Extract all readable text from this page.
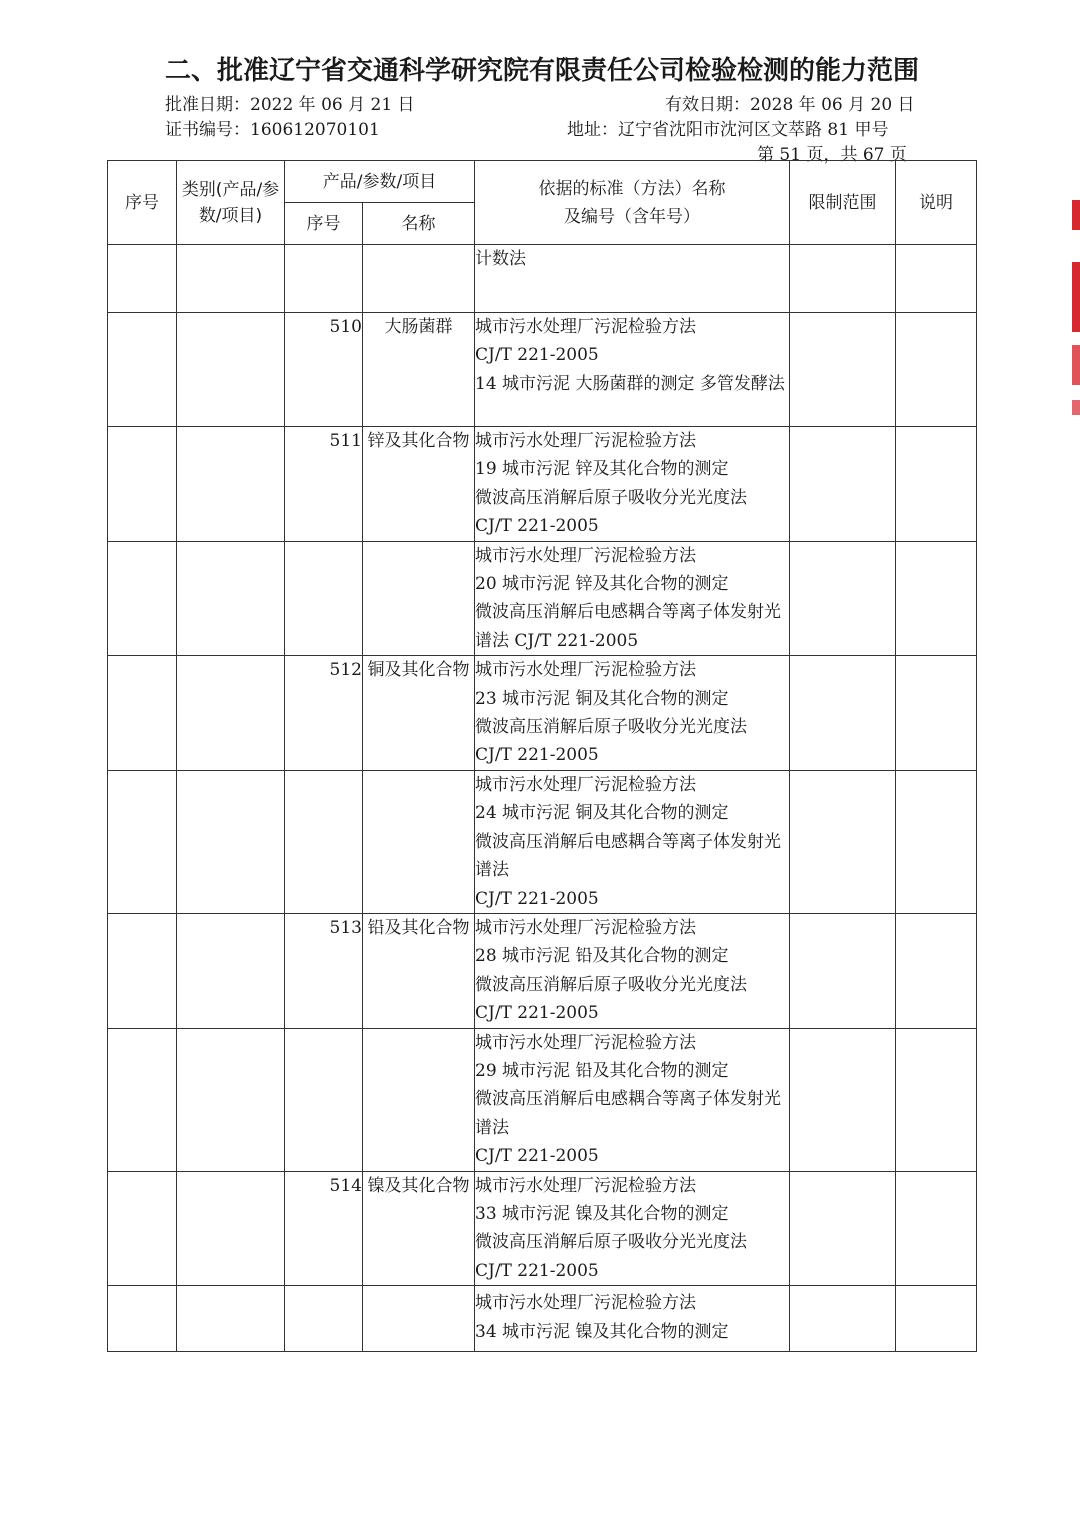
二、批准辽宁省交通科学研究院有限责任公司检验检测的能力范围
批准日期：2022 年 06 月 21 日	有效日期：2028 年 06 月 20 日
证书编号：160612070101	地址：辽宁省沈阳市沈河区文萃路 81 甲号
第 51 页，共 67 页
序号	类别(产品/参数/项目)	产品/参数/项目		依据的标准（方法）名称
及编号（含年号）	限制范围	说明
		序号	名称			
				计数法		
		510	大肠菌群	城市污水处理厂污泥检验方法
CJ/T 221-2005
14 城市污泥 大肠菌群的测定 多管发酵法		
		511	锌及其化合物	城市污水处理厂污泥检验方法
19 城市污泥 锌及其化合物的测定
微波高压消解后原子吸收分光光度法
CJ/T 221-2005		
				城市污水处理厂污泥检验方法
20 城市污泥 锌及其化合物的测定
微波高压消解后电感耦合等离子体发射光谱法 CJ/T 221-2005		
		512	铜及其化合物	城市污水处理厂污泥检验方法
23 城市污泥 铜及其化合物的测定
微波高压消解后原子吸收分光光度法
CJ/T 221-2005		
				城市污水处理厂污泥检验方法
24 城市污泥 铜及其化合物的测定
微波高压消解后电感耦合等离子体发射光谱法
CJ/T 221-2005		
		513	铅及其化合物	城市污水处理厂污泥检验方法
28 城市污泥 铅及其化合物的测定
微波高压消解后原子吸收分光光度法
CJ/T 221-2005		
				城市污水处理厂污泥检验方法
29 城市污泥 铅及其化合物的测定
微波高压消解后电感耦合等离子体发射光谱法
CJ/T 221-2005		
		514	镍及其化合物	城市污水处理厂污泥检验方法
33 城市污泥 镍及其化合物的测定
微波高压消解后原子吸收分光光度法
CJ/T 221-2005		
				城市污水处理厂污泥检验方法
34 城市污泥 镍及其化合物的测定		
